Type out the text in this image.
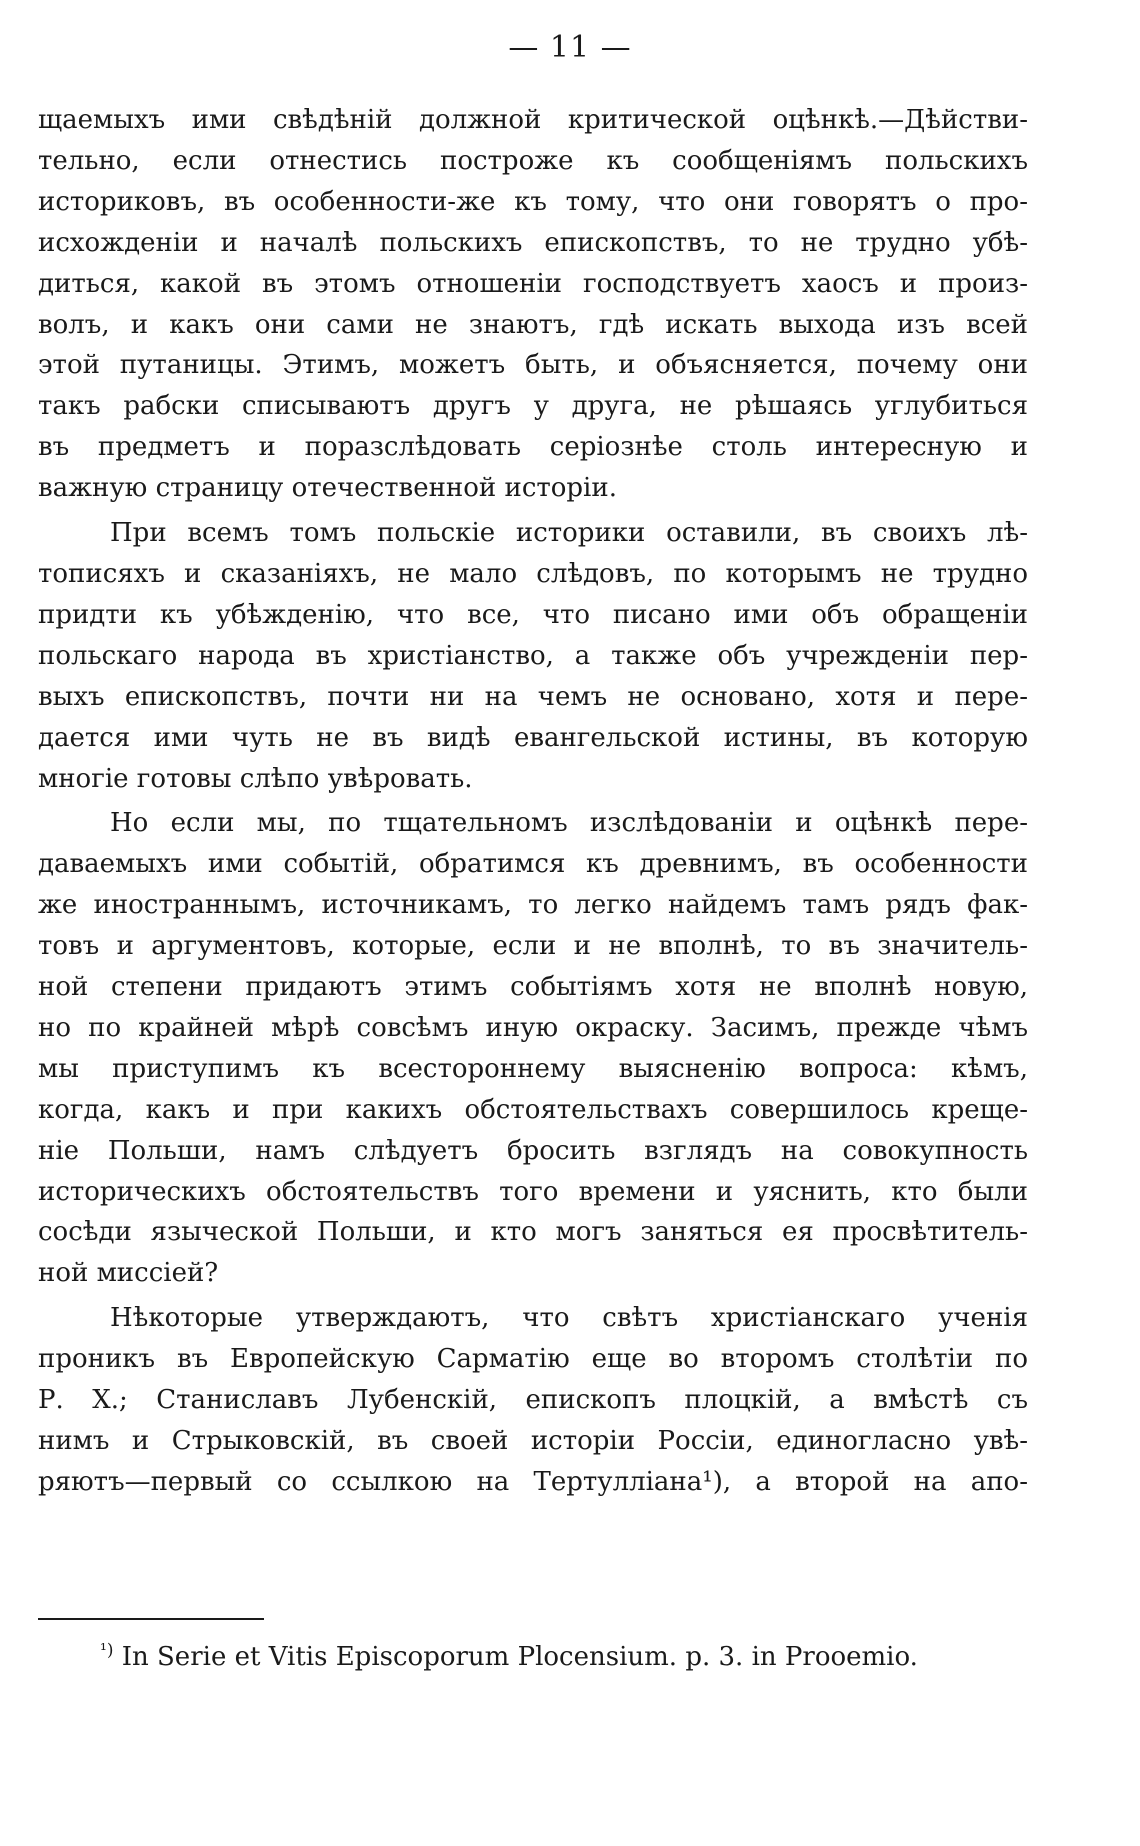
— 11 —

щаемыхъ ими свѣдѣній должной критической оцѣнкѣ.—Дѣйстви-
тельно, если отнестись построже къ сообщеніямъ польскихъ
историковъ, въ особенности-же къ тому, что они говорятъ о про-
исхожденіи и началѣ польскихъ епископствъ, то не трудно убѣ-
диться, какой въ этомъ отношеніи господствуетъ хаосъ и произ-
волъ, и какъ они сами не знаютъ, гдѣ искать выхода изъ всей
этой путаницы. Этимъ, можетъ быть, и объясняется, почему они
такъ рабски списываютъ другъ у друга, не рѣшаясь углубиться
въ предметъ и поразслѣдовать серіознѣе столь интересную и
важную страницу отечественной исторіи.

При всемъ томъ польскіе историки оставили, въ своихъ лѣ-
тописяхъ и сказаніяхъ, не мало слѣдовъ, по которымъ не трудно
придти къ убѣжденію, что все, что писано ими объ обращеніи
польскаго народа въ христіанство, а также объ учрежденіи пер-
выхъ епископствъ, почти ни на чемъ не основано, хотя и пере-
дается ими чуть не въ видѣ евангельской истины, въ которую
многіе готовы слѣпо увѣровать.

Но если мы, по тщательномъ изслѣдованіи и оцѣнкѣ пере-
даваемыхъ ими событій, обратимся къ древнимъ, въ особенности
же иностраннымъ, источникамъ, то легко найдемъ тамъ рядъ фак-
товъ и аргументовъ, которые, если и не вполнѣ, то въ значитель-
ной степени придаютъ этимъ событіямъ хотя не вполнѣ новую,
но по крайней мѣрѣ совсѣмъ иную окраску. Засимъ, прежде чѣмъ
мы приступимъ къ всестороннему выясненію вопроса: кѣмъ,
когда, какъ и при какихъ обстоятельствахъ совершилось креще-
ніе Польши, намъ слѣдуетъ бросить взглядъ на совокупность
историческихъ обстоятельствъ того времени и уяснить, кто были
сосѣди языческой Польши, и кто могъ заняться ея просвѣтитель-
ной миссіей?

Нѣкоторые утверждаютъ, что свѣтъ христіанскаго ученія
проникъ въ Европейскую Сарматію еще во второмъ столѣтіи по
Р. Х.; Станиславъ Лубенскій, епископъ плоцкій, а вмѣстѣ съ
нимъ и Стрыковскій, въ своей исторіи Россіи, единогласно увѣ-
ряютъ—первый со ссылкою на Тертулліана¹), а второй на апо-

$^{^1)}$ In Serie et Vitis Episcoporum Plocensium. p. 3. in Prooemio.
